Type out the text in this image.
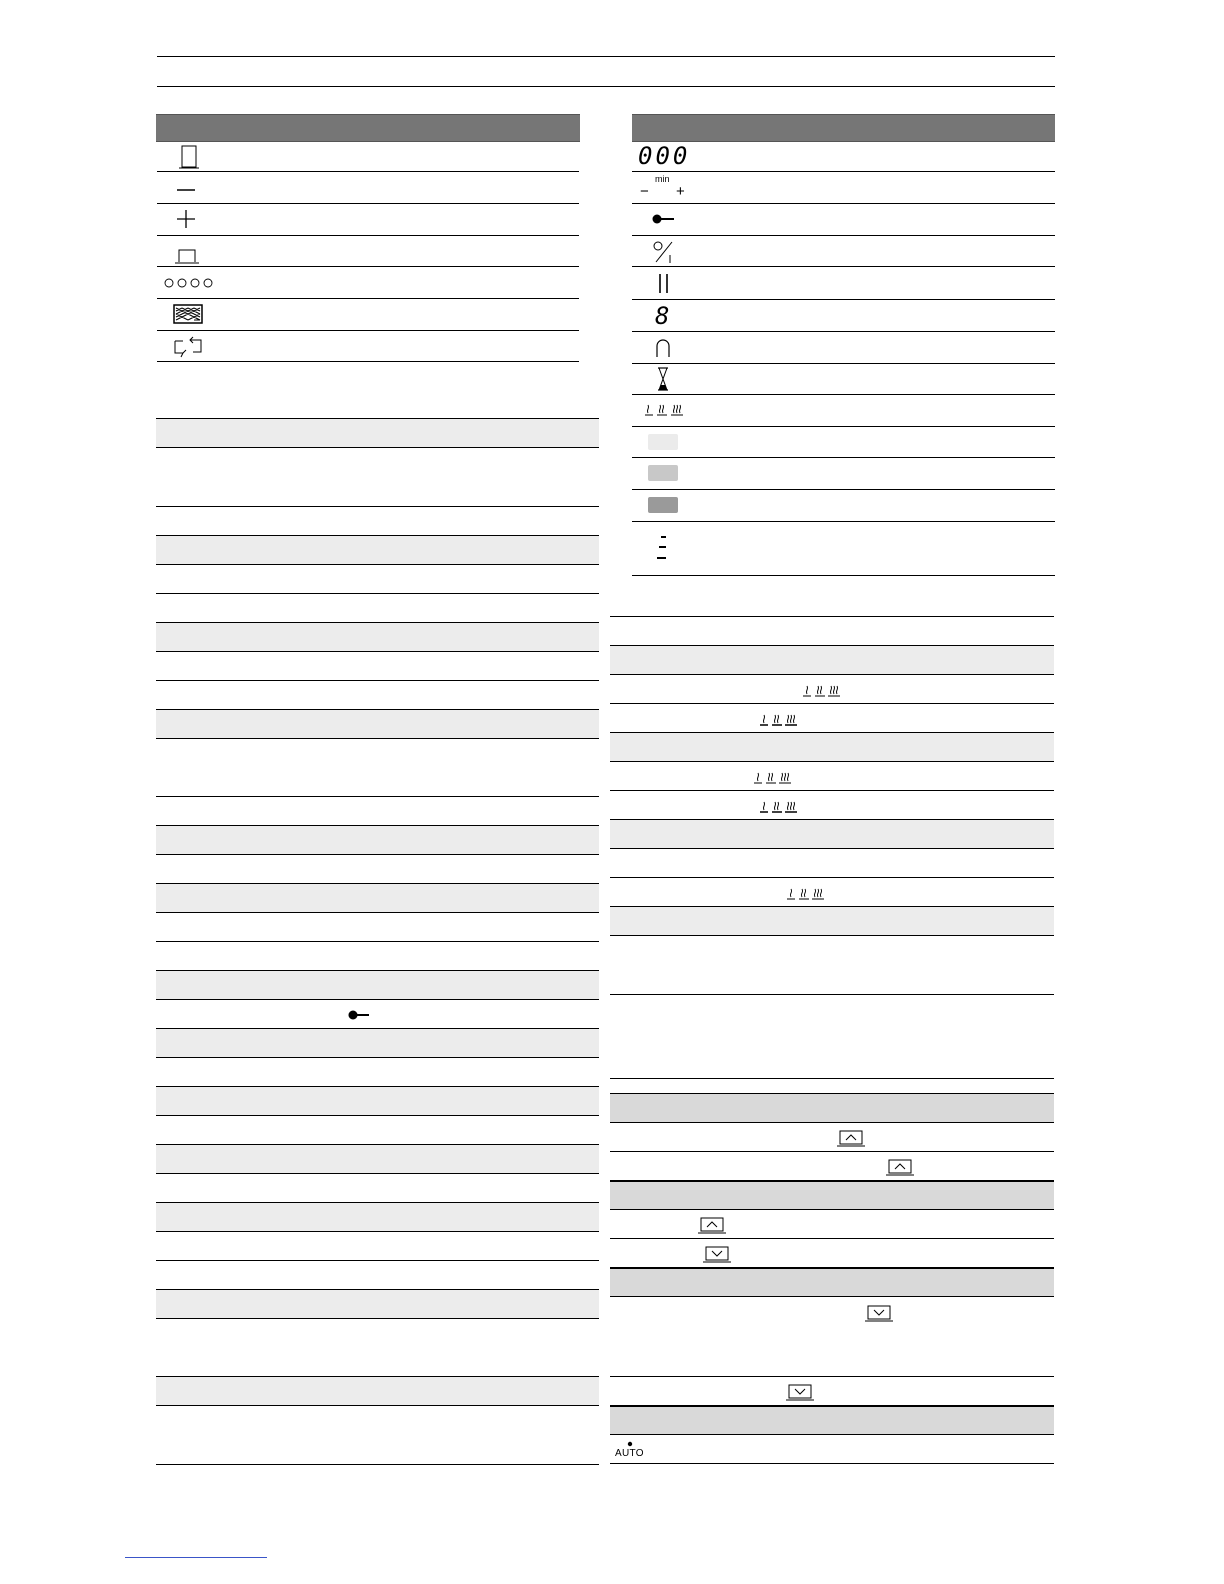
000
min
− +
8
AUTO
